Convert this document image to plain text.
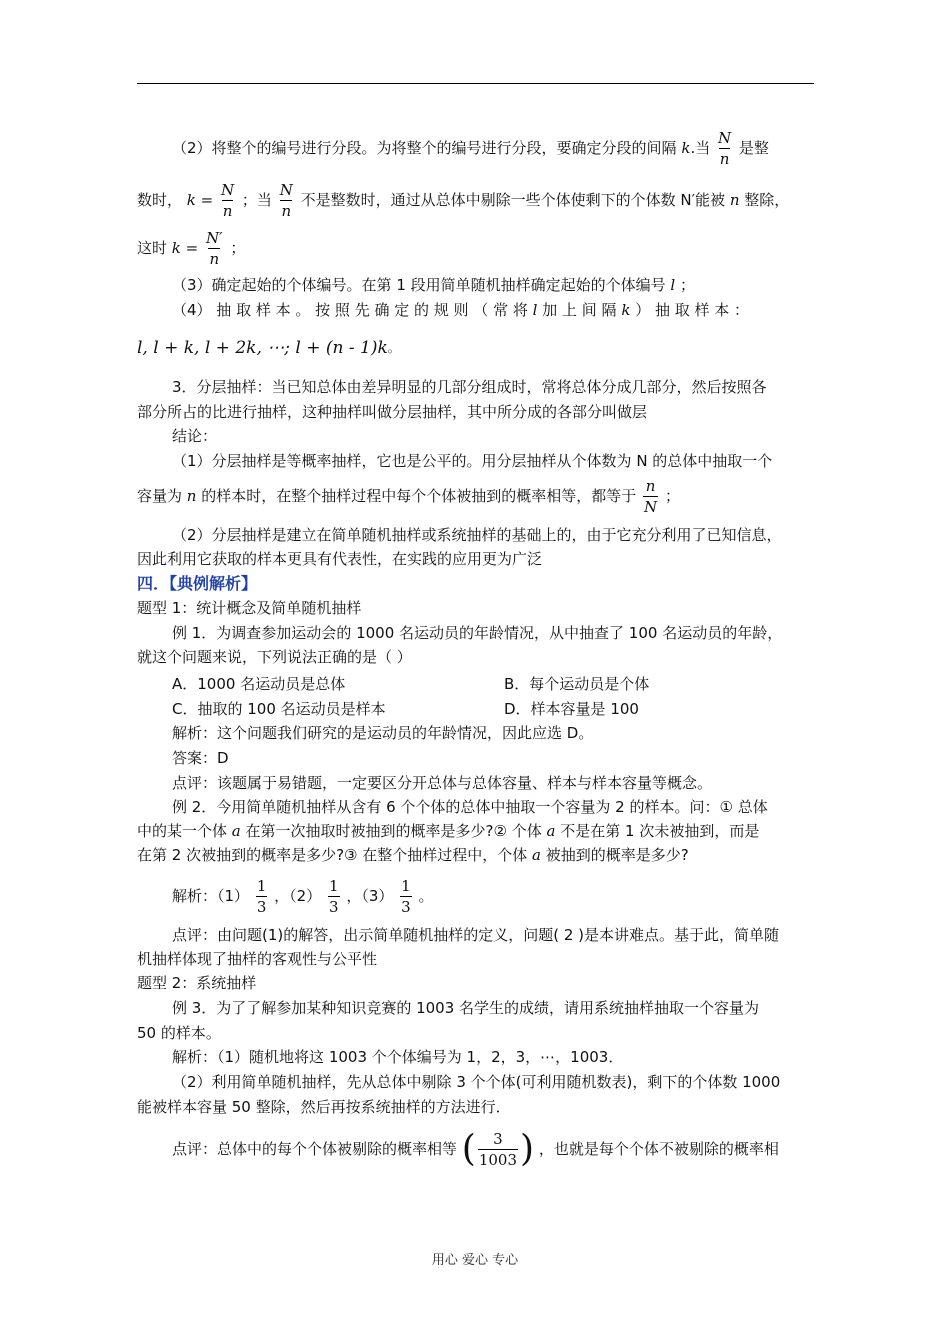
（2）将整个的编号进行分段。为将整个的编号进行分段，要确定分段的间隔 k.当 $\frac{N}{n}$ 是整
数时， $k = \frac{N}{n}$ ；当 $\frac{N}{n}$ 不是整数时，通过从总体中剔除一些个体使剩下的个体数 N′能被 n 整除，
这时 $k = \frac{N'}{n}$ ；
（3）确定起始的个体编号。在第 1 段用简单随机抽样确定起始的个体编号 l ；
（4） 抽 取 样 本 。 按 照 先 确 定 的 规 则 （ 常 将 l 加 上 间 隔 k ） 抽 取 样 本 ：
l, l + k, l + 2k, ⋯; l + (n - 1)k。
3．分层抽样：当已知总体由差异明显的几部分组成时，常将总体分成几部分，然后按照各
部分所占的比进行抽样，这种抽样叫做分层抽样，其中所分成的各部分叫做层
结论：
（1）分层抽样是等概率抽样，它也是公平的。用分层抽样从个体数为 N 的总体中抽取一个
容量为 n 的样本时，在整个抽样过程中每个个体被抽到的概率相等，都等于 $\frac{n}{N}$ ；
（2）分层抽样是建立在简单随机抽样或系统抽样的基础上的，由于它充分利用了已知信息，
因此利用它获取的样本更具有代表性，在实践的应用更为广泛
四．【典例解析】
题型 1：统计概念及简单随机抽样
例 1．为调查参加运动会的 1000 名运动员的年龄情况，从中抽查了 100 名运动员的年龄，
就这个问题来说，下列说法正确的是（ ）
A．1000 名运动员是总体	B．每个运动员是个体
C．抽取的 100 名运动员是样本	D．样本容量是 100
解析：这个问题我们研究的是运动员的年龄情况，因此应选 D。
答案：D
点评：该题属于易错题，一定要区分开总体与总体容量、样本与样本容量等概念。
例 2．今用简单随机抽样从含有 6 个个体的总体中抽取一个容量为 2 的样本。问：① 总体
中的某一个体 a 在第一次抽取时被抽到的概率是多少?② 个体 a 不是在第 1 次未被抽到，而是
在第 2 次被抽到的概率是多少?③ 在整个抽样过程中，个体 a 被抽到的概率是多少?
解析：$(1) \frac{1}{3}$ ，$(2) \frac{1}{3}$ ，$(3) \frac{1}{3}$ 。
点评：由问题(1)的解答，出示简单随机抽样的定义，问题( 2 )是本讲难点。基于此，简单随
机抽样体现了抽样的客观性与公平性
题型 2：系统抽样
例 3．为了了解参加某种知识竞赛的 1003 名学生的成绩，请用系统抽样抽取一个容量为
50 的样本。
解析：（1）随机地将这 1003 个个体编号为 1，2，3，⋯，1003．
（2）利用简单随机抽样，先从总体中剔除 3 个个体(可利用随机数表)，剩下的个体数 1000
能被样本容量 50 整除，然后再按系统抽样的方法进行．
点评：总体中的每个个体被剔除的概率相等 ( $\frac{3}{1003}$ ) ，也就是每个个体不被剔除的概率相
用心 爱心 专心
